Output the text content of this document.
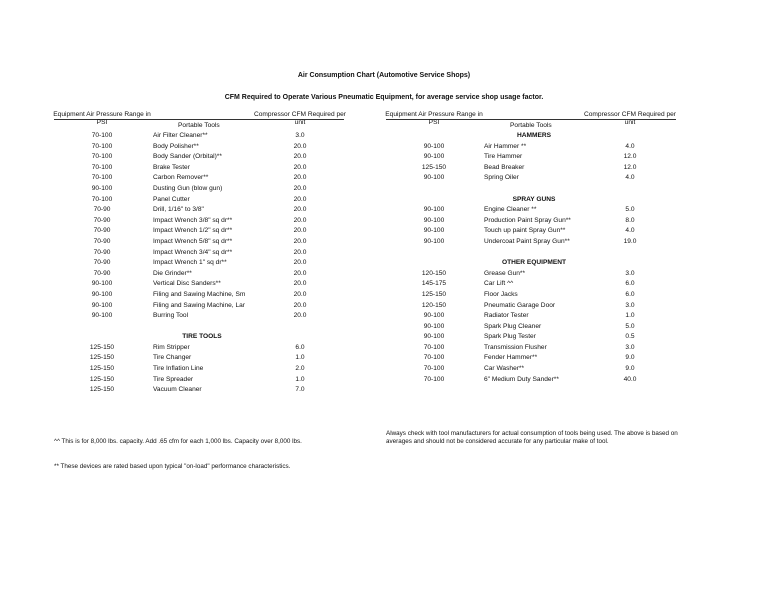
Air Consumption Chart (Automotive Service Shops)
CFM Required to Operate Various Pneumatic Equipment, for average service shop usage factor.
Equipment Air Pressure Range in PSI	Portable Tools
Compressor CFM Required per unit
70-100	Air Filter Cleaner**	3.0
70-100	Body Polisher**	20.0
70-100	Body Sander (Orbital)**	20.0
70-100	Brake Tester	20.0
70-100	Carbon Remover**	20.0
90-100	Dusting Gun (blow gun)	20.0
70-100	Panel Cutter	20.0
70-90	Drill, 1/16" to 3/8"	20.0
70-90	Impact Wrench 3/8" sq dr**	20.0
70-90	Impact Wrench 1/2" sq dr**	20.0
70-90	Impact Wrench 5/8" sq dr**	20.0
70-90	Impact Wrench 3/4" sq dr**	20.0
70-90	Impact Wrench 1" sq dr**	20.0
70-90	Die Grinder**	20.0
90-100	Vertical Disc Sanders**	20.0
90-100	Filing and Sawing Machine, Sm	20.0
90-100	Filing and Sawing Machine, Lar	20.0
90-100	Burring Tool	20.0
TIRE TOOLS
125-150	Rim Stripper	6.0
125-150	Tire Changer	1.0
125-150	Tire Inflation Line	2.0
125-150	Tire Spreader	1.0
125-150	Vacuum Cleaner	7.0
Equipment Air Pressure Range in PSI	Portable Tools
Compressor CFM Required per unit
HAMMERS
90-100	Air Hammer **	4.0
90-100	Tire Hammer	12.0
125-150	Bead Breaker	12.0
90-100	Spring Oiler	4.0
SPRAY GUNS
90-100	Engine Cleaner **	5.0
90-100	Production Paint Spray Gun**	8.0
90-100	Touch up paint Spray Gun**	4.0
90-100	Undercoat Paint Spray Gun**	19.0
OTHER EQUIPMENT
120-150	Grease Gun**	3.0
145-175	Car Lift ^^	6.0
125-150	Floor Jacks	6.0
120-150	Pneumatic Garage Door	3.0
90-100	Radiator Tester	1.0
90-100	Spark Plug Cleaner	5.0
90-100	Spark Plug Tester	0.5
70-100	Transmission Flusher	3.0
70-100	Fender Hammer**	9.0
70-100	Car Washer**	9.0
70-100	6" Medium Duty Sander**	40.0
^^ This is for 8,000 lbs. capacity. Add .65 cfm for each 1,000 lbs. Capacity over 8,000 lbs.
** These devices are rated based upon typical "on-load" performance characteristics.
Always check with tool manufacturers for actual consumption of tools being used. The above is based on averages and should not be considered accurate for any particular make of tool.
